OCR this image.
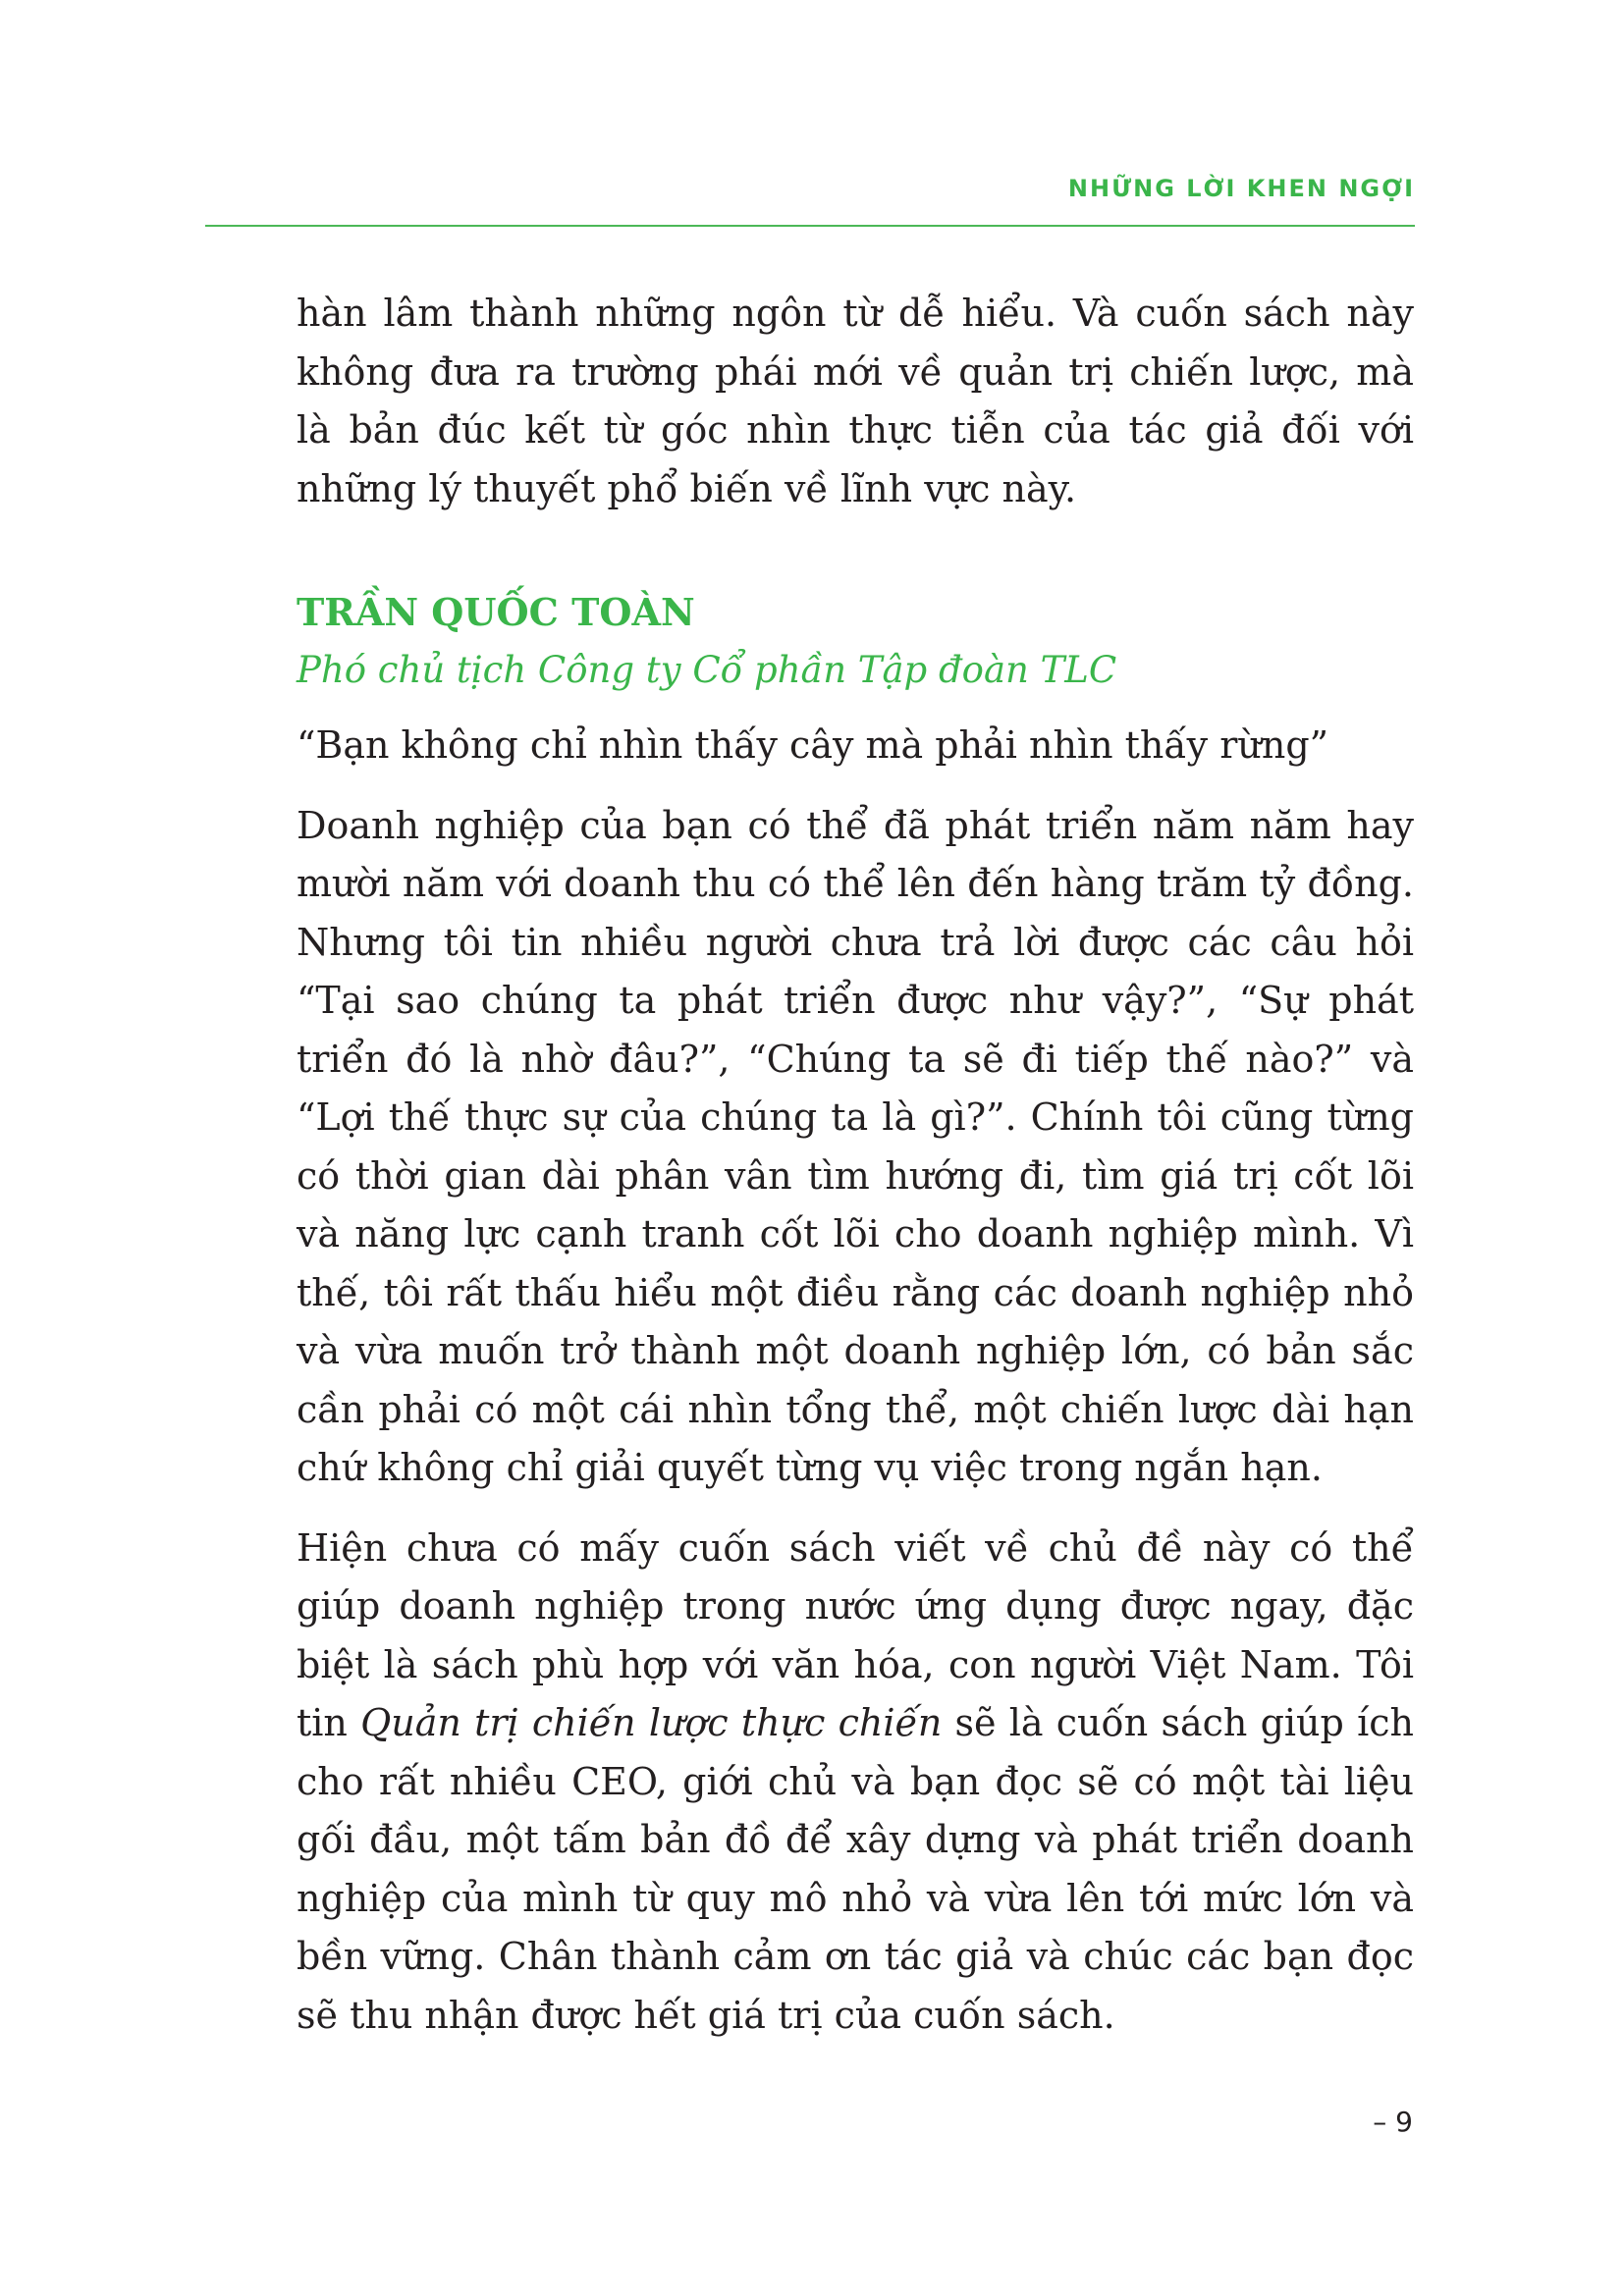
NHỮNG LỜI KHEN NGỢI

hàn lâm thành những ngôn từ dễ hiểu. Và cuốn sách này không đưa ra trường phái mới về quản trị chiến lược, mà là bản đúc kết từ góc nhìn thực tiễn của tác giả đối với những lý thuyết phổ biến về lĩnh vực này.

TRẦN QUỐC TOÀN
Phó chủ tịch Công ty Cổ phần Tập đoàn TLC

“Bạn không chỉ nhìn thấy cây mà phải nhìn thấy rừng”

Doanh nghiệp của bạn có thể đã phát triển năm năm hay mười năm với doanh thu có thể lên đến hàng trăm tỷ đồng. Nhưng tôi tin nhiều người chưa trả lời được các câu hỏi “Tại sao chúng ta phát triển được như vậy?”, “Sự phát triển đó là nhờ đâu?”, “Chúng ta sẽ đi tiếp thế nào?” và “Lợi thế thực sự của chúng ta là gì?”. Chính tôi cũng từng có thời gian dài phân vân tìm hướng đi, tìm giá trị cốt lõi và năng lực cạnh tranh cốt lõi cho doanh nghiệp mình. Vì thế, tôi rất thấu hiểu một điều rằng các doanh nghiệp nhỏ và vừa muốn trở thành một doanh nghiệp lớn, có bản sắc cần phải có một cái nhìn tổng thể, một chiến lược dài hạn chứ không chỉ giải quyết từng vụ việc trong ngắn hạn.

Hiện chưa có mấy cuốn sách viết về chủ đề này có thể giúp doanh nghiệp trong nước ứng dụng được ngay, đặc biệt là sách phù hợp với văn hóa, con người Việt Nam. Tôi tin Quản trị chiến lược thực chiến sẽ là cuốn sách giúp ích cho rất nhiều CEO, giới chủ và bạn đọc sẽ có một tài liệu gối đầu, một tấm bản đồ để xây dựng và phát triển doanh nghiệp của mình từ quy mô nhỏ và vừa lên tới mức lớn và bền vững. Chân thành cảm ơn tác giả và chúc các bạn đọc sẽ thu nhận được hết giá trị của cuốn sách.

– 9
